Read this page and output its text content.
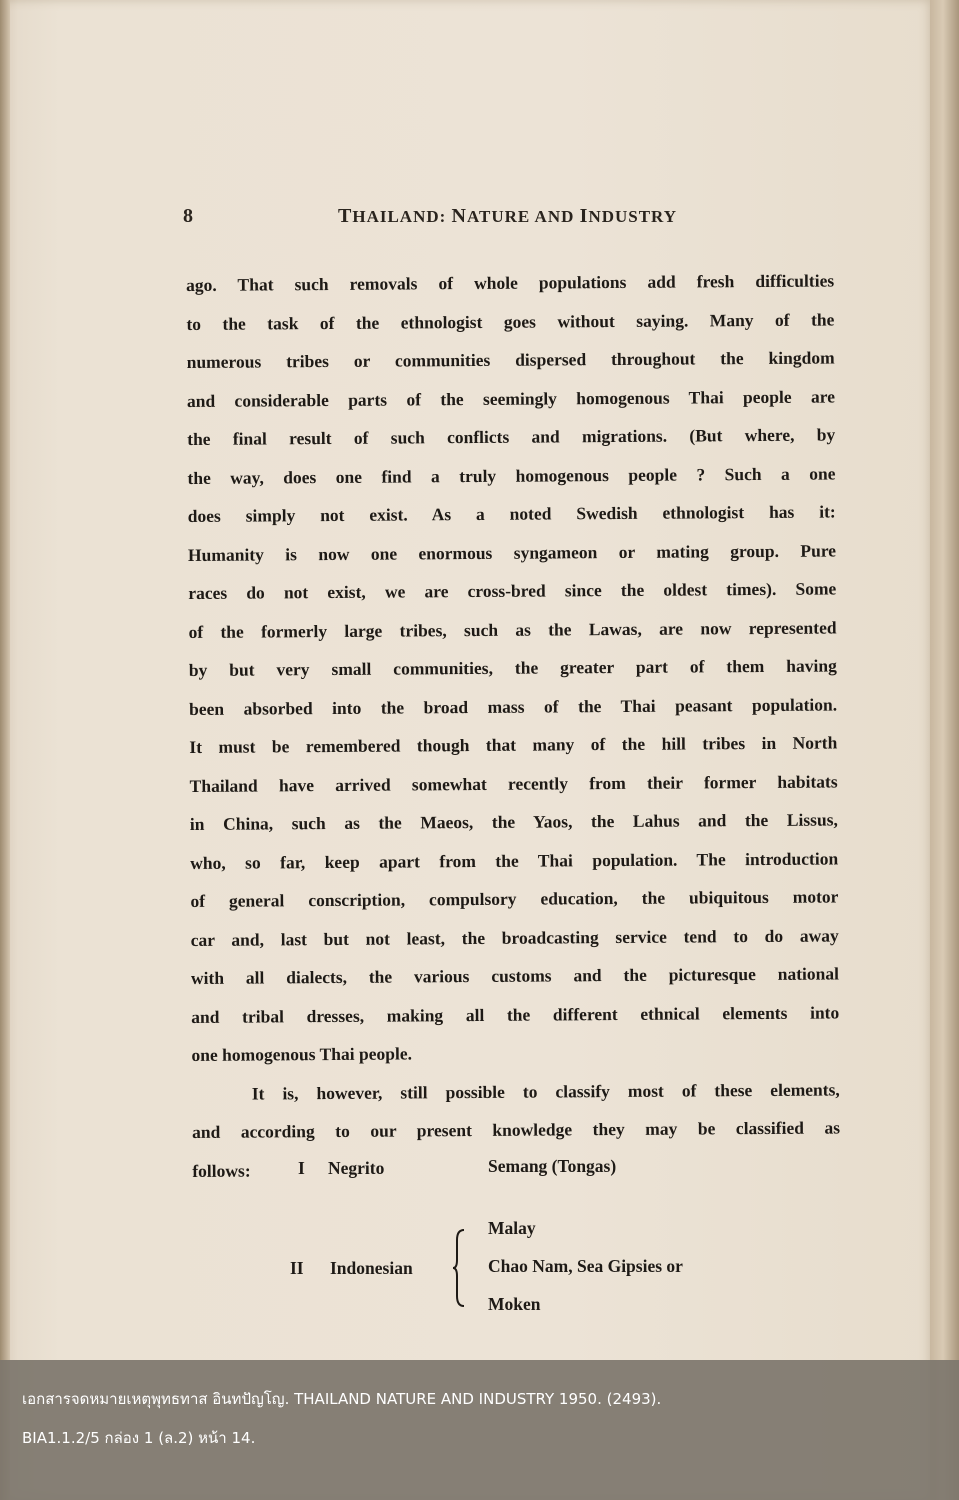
8	THAILAND: NATURE AND INDUSTRY
ago. That such removals of whole populations add fresh difficulties
to the task of the ethnologist goes without saying. Many of the
numerous tribes or communities dispersed throughout the kingdom
and considerable parts of the seemingly homogenous Thai people are
the final result of such conflicts and migrations. (But where, by
the way, does one find a truly homogenous people ? Such a one
does simply not exist. As a noted Swedish ethnologist has it:
Humanity is now one enormous syngameon or mating group. Pure
races do not exist, we are cross-bred since the oldest times). Some
of the formerly large tribes, such as the Lawas, are now represented
by but very small communities, the greater part of them having
been absorbed into the broad mass of the Thai peasant population.
It must be remembered though that many of the hill tribes in North
Thailand have arrived somewhat recently from their former habitats
in China, such as the Maeos, the Yaos, the Lahus and the Lissus,
who, so far, keep apart from the Thai population. The introduction
of general conscription, compulsory education, the ubiquitous motor
car and, last but not least, the broadcasting service tend to do away
with all dialects, the various customs and the picturesque national
and tribal dresses, making all the different ethnical elements into
one homogenous Thai people.
It is, however, still possible to classify most of these elements,
and according to our present knowledge they may be classified as
follows:	I Negrito	Semang (Tongas)
II Indonesian
Malay
Chao Nam, Sea Gipsies or
Moken
เอกสารจดหมายเหตุพุทธทาส อินทปัญโญ. THAILAND NATURE AND INDUSTRY 1950. (2493).
BIA1.1.2/5 กล่อง 1 (ล.2) หน้า 14.
